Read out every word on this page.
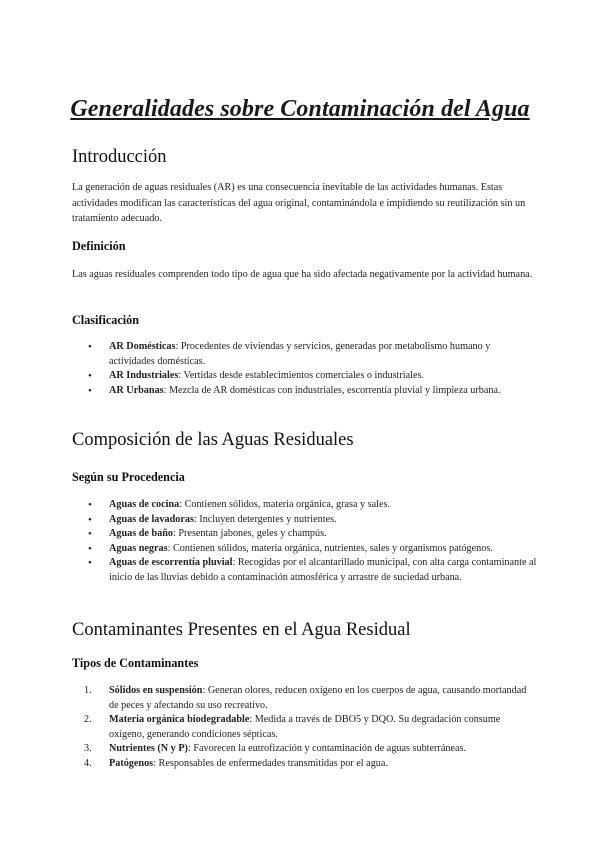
Generalidades sobre Contaminación del Agua
Introducción
La generación de aguas residuales (AR) es una consecuencia inevitable de las actividades humanas. Estas actividades modifican las características del agua original, contaminándola e impidiendo su reutilización sin un tratamiento adecuado.
Definición
Las aguas residuales comprenden todo tipo de agua que ha sido afectada negativamente por la actividad humana.
Clasificación
• AR Domésticas: Procedentes de viviendas y servicios, generadas por metabolismo humano y actividades domésticas.
• AR Industriales: Vertidas desde establecimientos comerciales o industriales.
• AR Urbanas: Mezcla de AR domésticas con industriales, escorrentía pluvial y limpieza urbana.
Composición de las Aguas Residuales
Según su Procedencia
• Aguas de cocina: Contienen sólidos, materia orgánica, grasa y sales.
• Aguas de lavadoras: Incluyen detergentes y nutrientes.
• Aguas de baño: Presentan jabones, geles y champús.
• Aguas negras: Contienen sólidos, materia orgánica, nutrientes, sales y organismos patógenos.
• Aguas de escorrentía pluvial: Recogidas por el alcantarillado municipal, con alta carga contaminante al inicio de las lluvias debido a contaminación atmosférica y arrastre de suciedad urbana.
Contaminantes Presentes en el Agua Residual
Tipos de Contaminantes
1. Sólidos en suspensión: Generan olores, reducen oxígeno en los cuerpos de agua, causando mortandad de peces y afectando su uso recreativo.
2. Materia orgánica biodegradable: Medida a través de DBO5 y DQO. Su degradación consume oxígeno, generando condiciones sépticas.
3. Nutrientes (N y P): Favorecen la eutrofización y contaminación de aguas subterráneas.
4. Patógenos: Responsables de enfermedades transmitidas por el agua.
